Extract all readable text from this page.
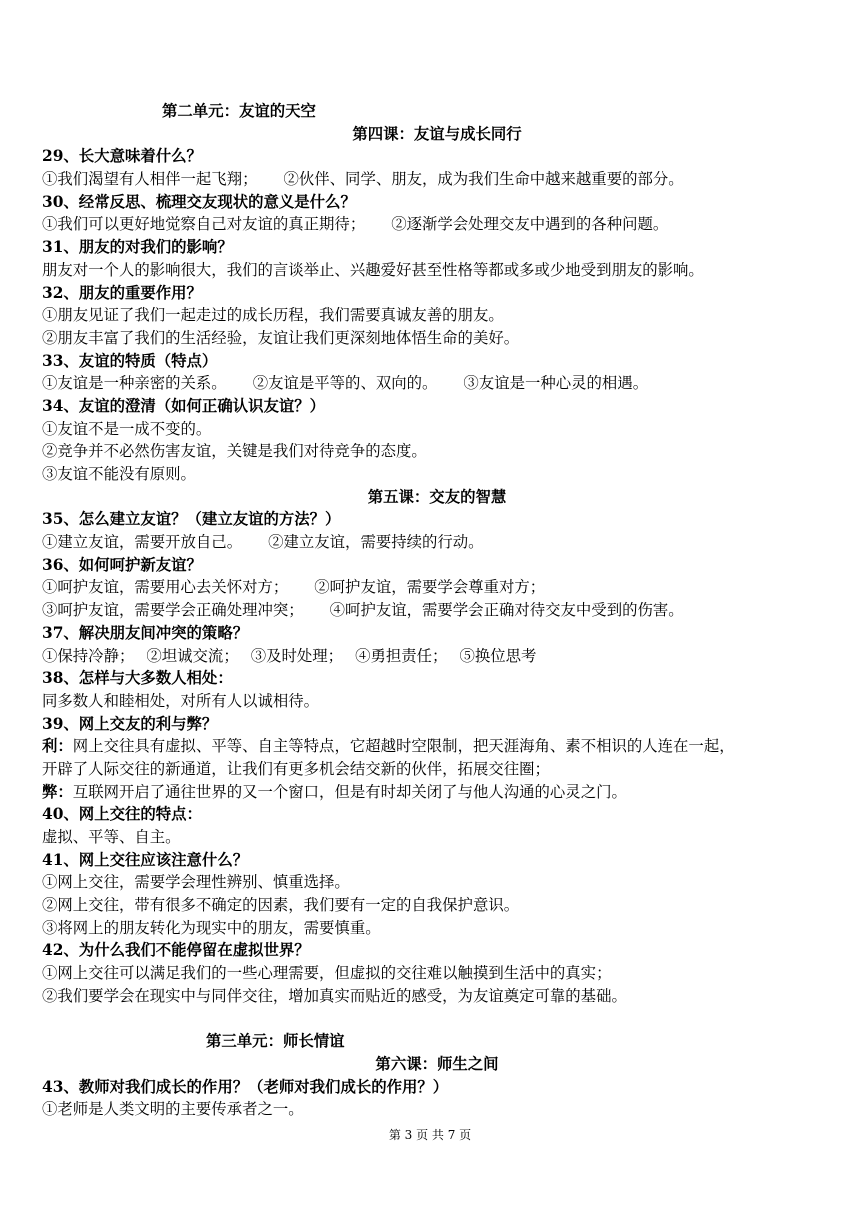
第二单元：友谊的天空
第四课：友谊与成长同行
29、长大意味着什么？
①我们渴望有人相伴一起飞翔； ②伙伴、同学、朋友，成为我们生命中越来越重要的部分。
30、经常反思、梳理交友现状的意义是什么？
①我们可以更好地觉察自己对友谊的真正期待； ②逐渐学会处理交友中遇到的各种问题。
31、朋友的对我们的影响？
朋友对一个人的影响很大，我们的言谈举止、兴趣爱好甚至性格等都或多或少地受到朋友的影响。
32、朋友的重要作用？
①朋友见证了我们一起走过的成长历程，我们需要真诚友善的朋友。
②朋友丰富了我们的生活经验，友谊让我们更深刻地体悟生命的美好。
33、友谊的特质（特点）
①友谊是一种亲密的关系。 ②友谊是平等的、双向的。 ③友谊是一种心灵的相遇。
34、友谊的澄清（如何正确认识友谊？）
①友谊不是一成不变的。
②竞争并不必然伤害友谊，关键是我们对待竞争的态度。
③友谊不能没有原则。
第五课：交友的智慧
35、怎么建立友谊？（建立友谊的方法？）
①建立友谊，需要开放自己。 ②建立友谊，需要持续的行动。
36、如何呵护新友谊？
①呵护友谊，需要用心去关怀对方； ②呵护友谊，需要学会尊重对方；
③呵护友谊，需要学会正确处理冲突； ④呵护友谊，需要学会正确对待交友中受到的伤害。
37、解决朋友间冲突的策略？
①保持冷静； ②坦诚交流； ③及时处理； ④勇担责任； ⑤换位思考
38、怎样与大多数人相处：
同多数人和睦相处，对所有人以诚相待。
39、网上交友的利与弊？
利：网上交往具有虚拟、平等、自主等特点，它超越时空限制，把天涯海角、素不相识的人连在一起，
开辟了人际交往的新通道，让我们有更多机会结交新的伙伴，拓展交往圈；
弊：互联网开启了通往世界的又一个窗口，但是有时却关闭了与他人沟通的心灵之门。
40、网上交往的特点：
虚拟、平等、自主。
41、网上交往应该注意什么？
①网上交往，需要学会理性辨别、慎重选择。
②网上交往，带有很多不确定的因素，我们要有一定的自我保护意识。
③将网上的朋友转化为现实中的朋友，需要慎重。
42、为什么我们不能停留在虚拟世界？
①网上交往可以满足我们的一些心理需要，但虚拟的交往难以触摸到生活中的真实；
②我们要学会在现实中与同伴交往，增加真实而贴近的感受，为友谊奠定可靠的基础。
第三单元：师长情谊
第六课：师生之间
43、教师对我们成长的作用？（老师对我们成长的作用？）
①老师是人类文明的主要传承者之一。
第 3 页 共 7 页
